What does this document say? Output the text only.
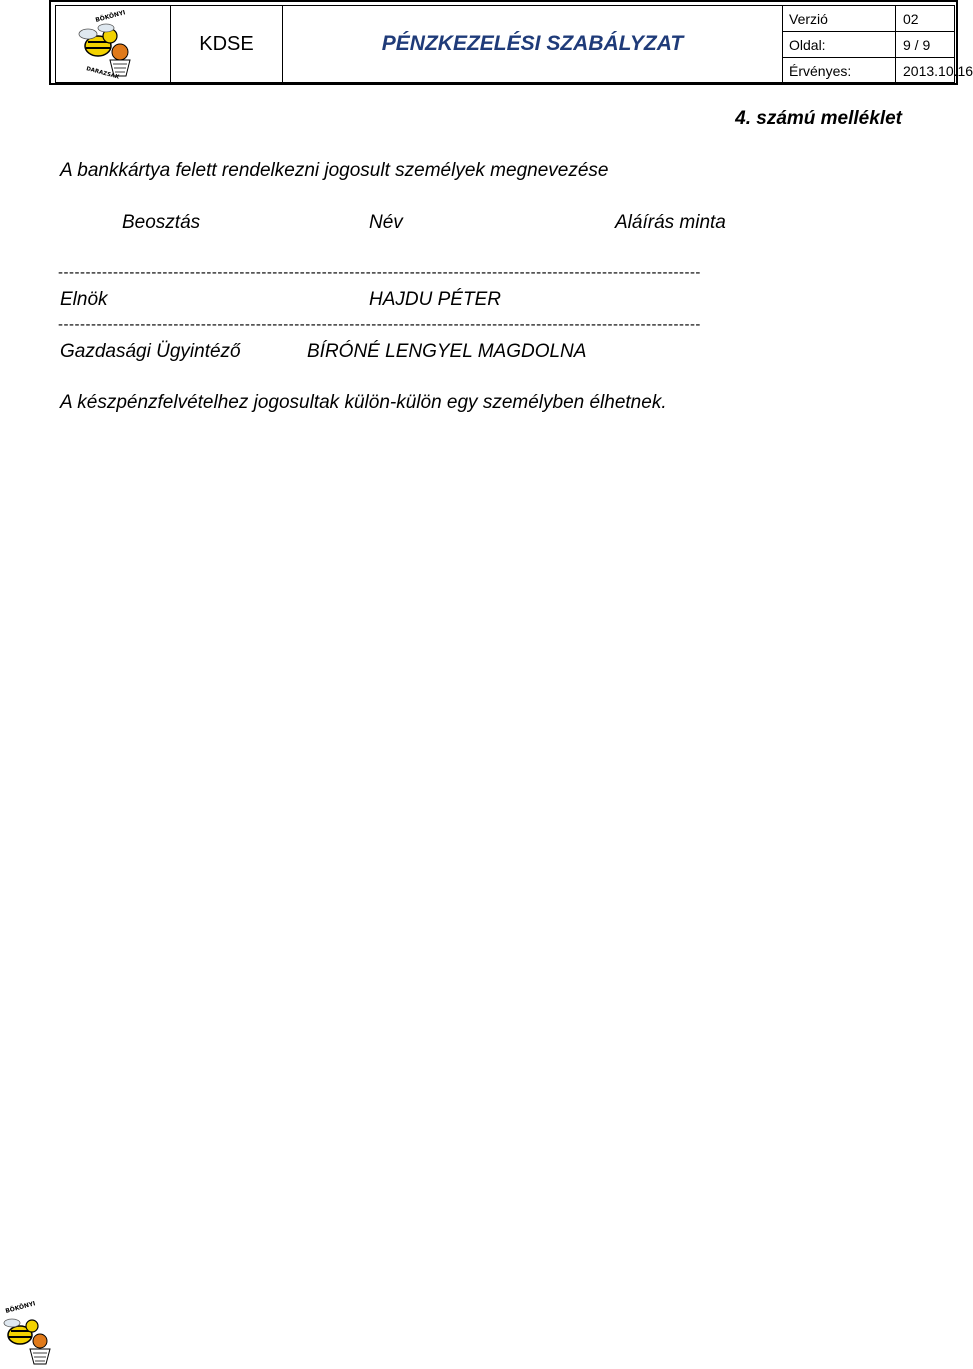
BÖKÖNYI
DARAZSAK
KDSE	PÉNZKEZELÉSI SZABÁLYZAT
Verzió	02
Oldal:	9 / 9
Érvényes:	2013.10.16
4. számú melléklet
A bankkártya felett rendelkezni jogosult személyek megnevezése
Beosztás	Név	Aláírás minta
---------------------------------------------------------------------------------------------------------------------
Elnök	HAJDU PÉTER
---------------------------------------------------------------------------------------------------------------------
Gazdasági Ügyintéző	BÍRÓNÉ LENGYEL MAGDOLNA
A készpénzfelvételhez jogosultak külön-külön egy személyben élhetnek.
BÖKÖNYI
